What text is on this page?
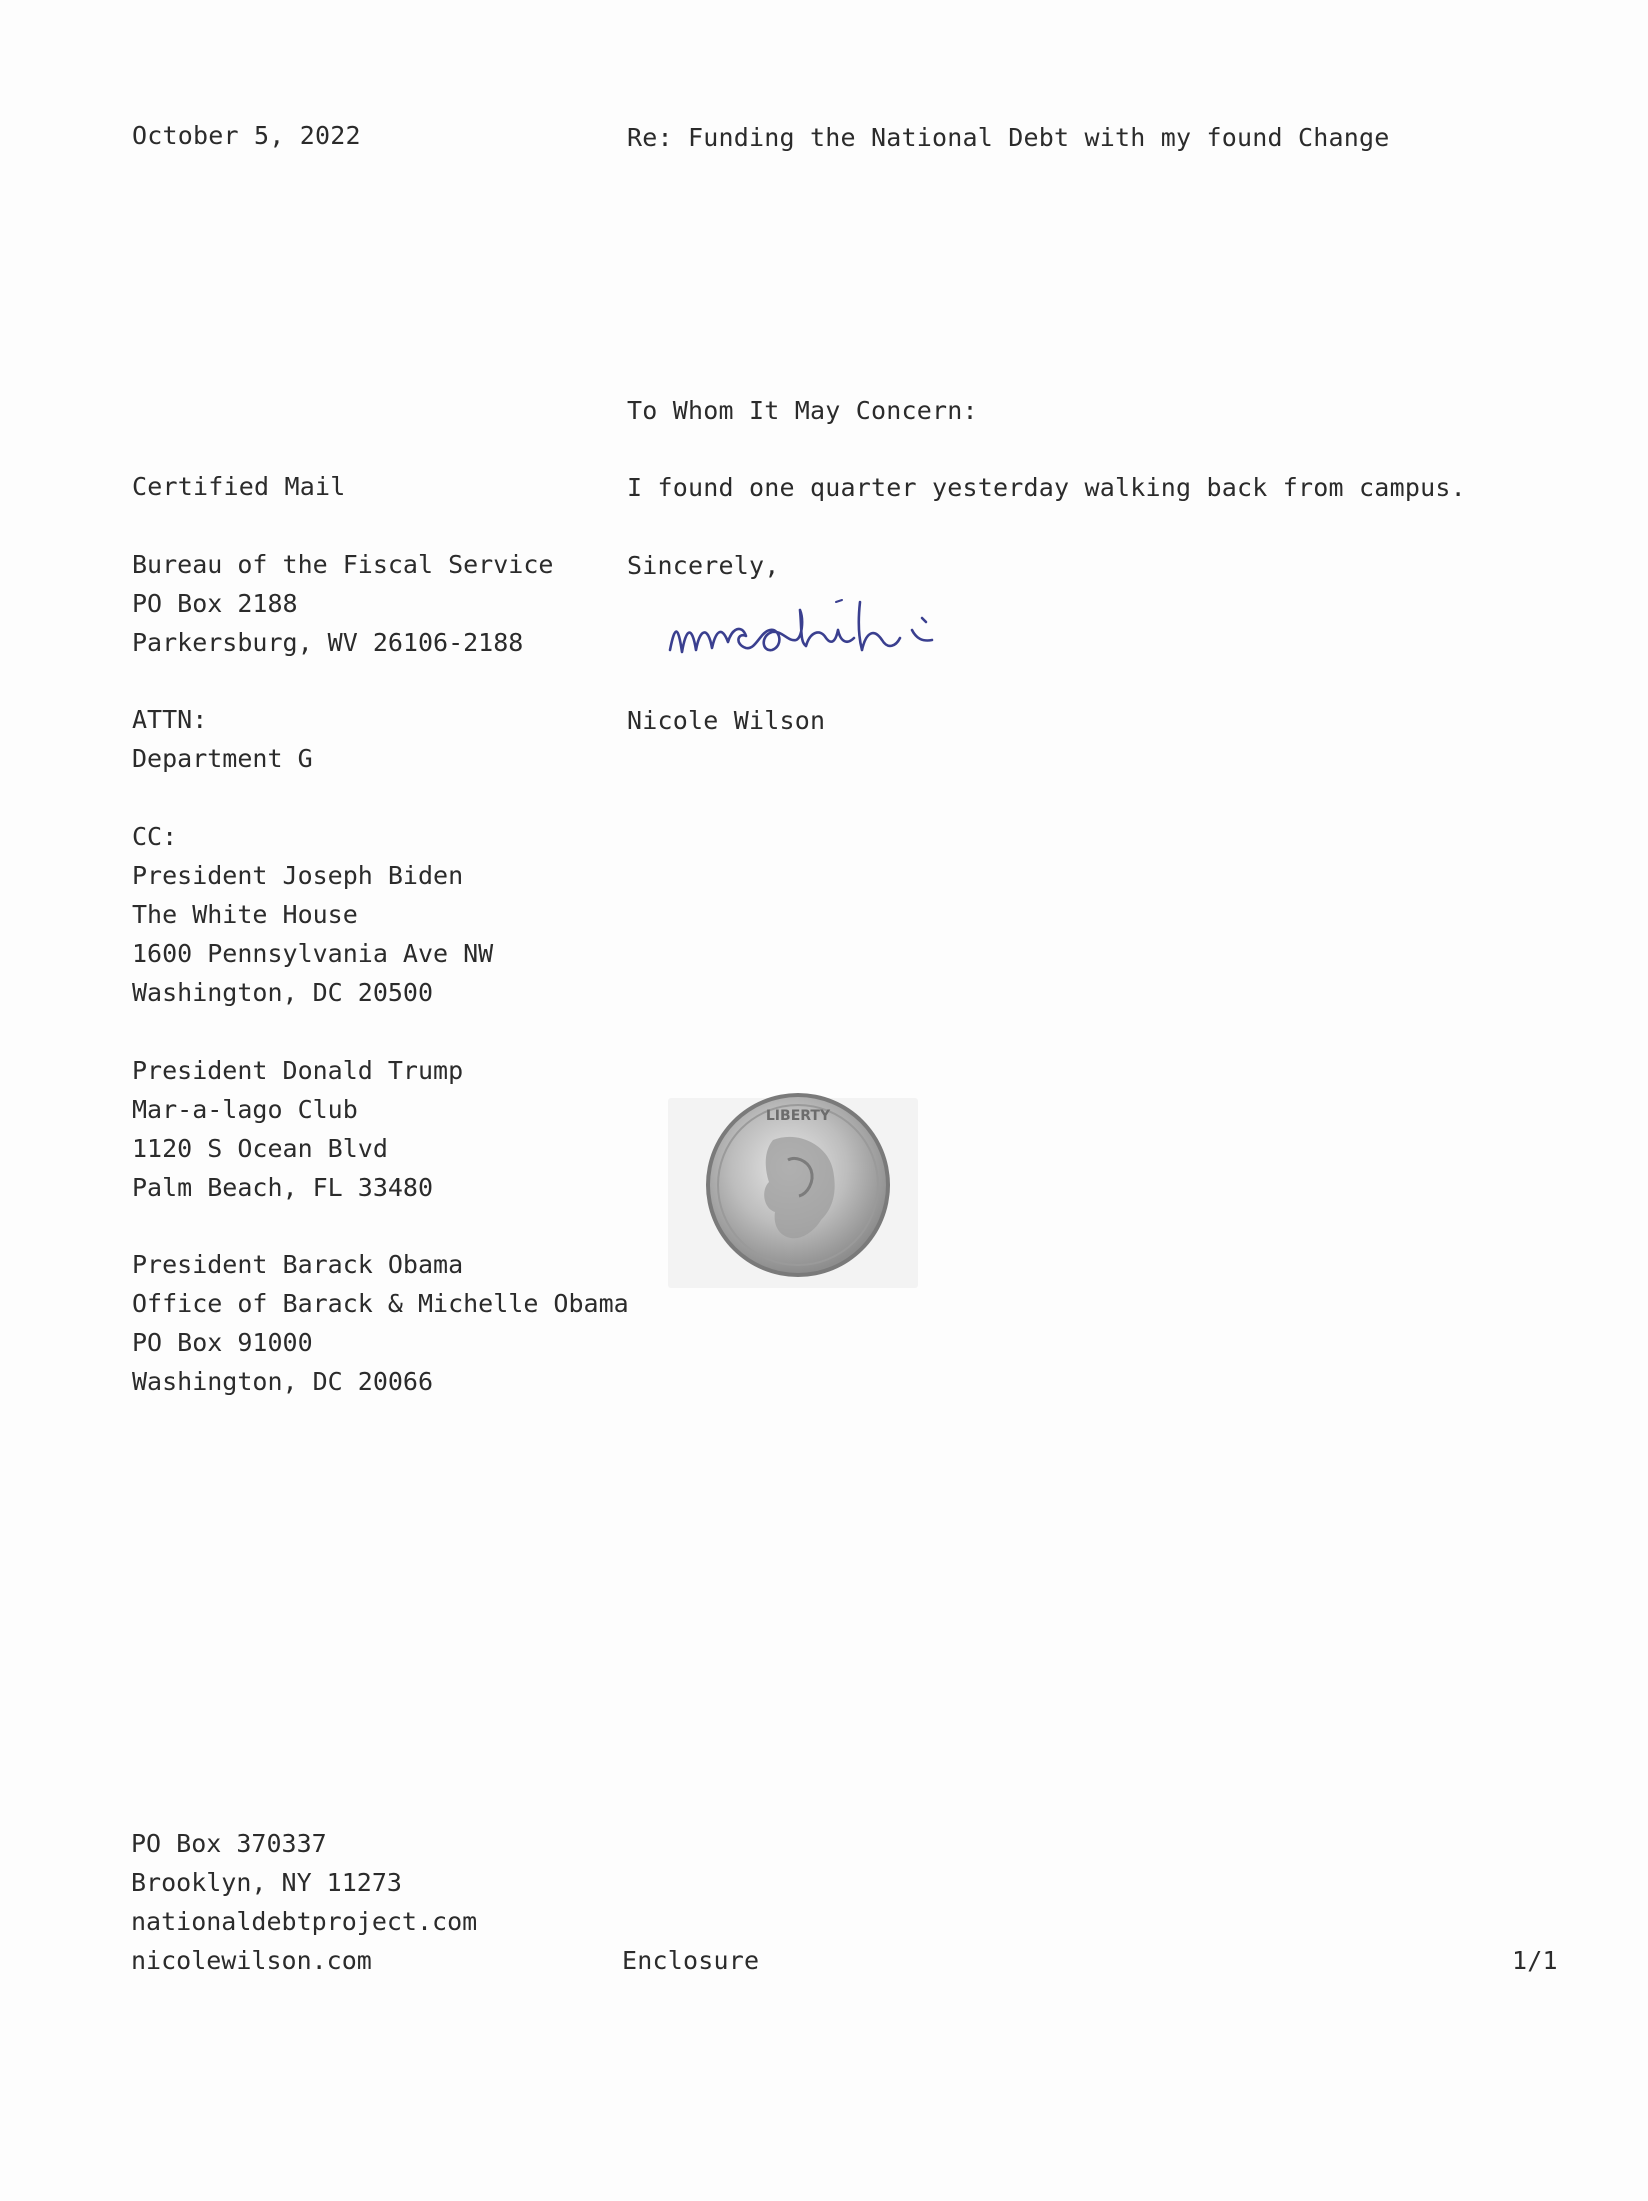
October 5, 2022	Re: Funding the National Debt with my found Change
To Whom It May Concern:
I found one quarter yesterday walking back from campus.
Sincerely,
Nicole Wilson
Certified Mail
Bureau of the Fiscal Service
PO Box 2188
Parkersburg, WV 26106-2188
ATTN:
Department G
CC:
President Joseph Biden
The White House
1600 Pennsylvania Ave NW
Washington, DC 20500
President Donald Trump
Mar-a-lago Club
1120 S Ocean Blvd
Palm Beach, FL 33480
President Barack Obama
Office of Barack & Michelle Obama
PO Box 91000
Washington, DC 20066
LIBERTY
PO Box 370337
Brooklyn, NY 11273
nationaldebtproject.com
nicolewilson.com	Enclosure	1/1
